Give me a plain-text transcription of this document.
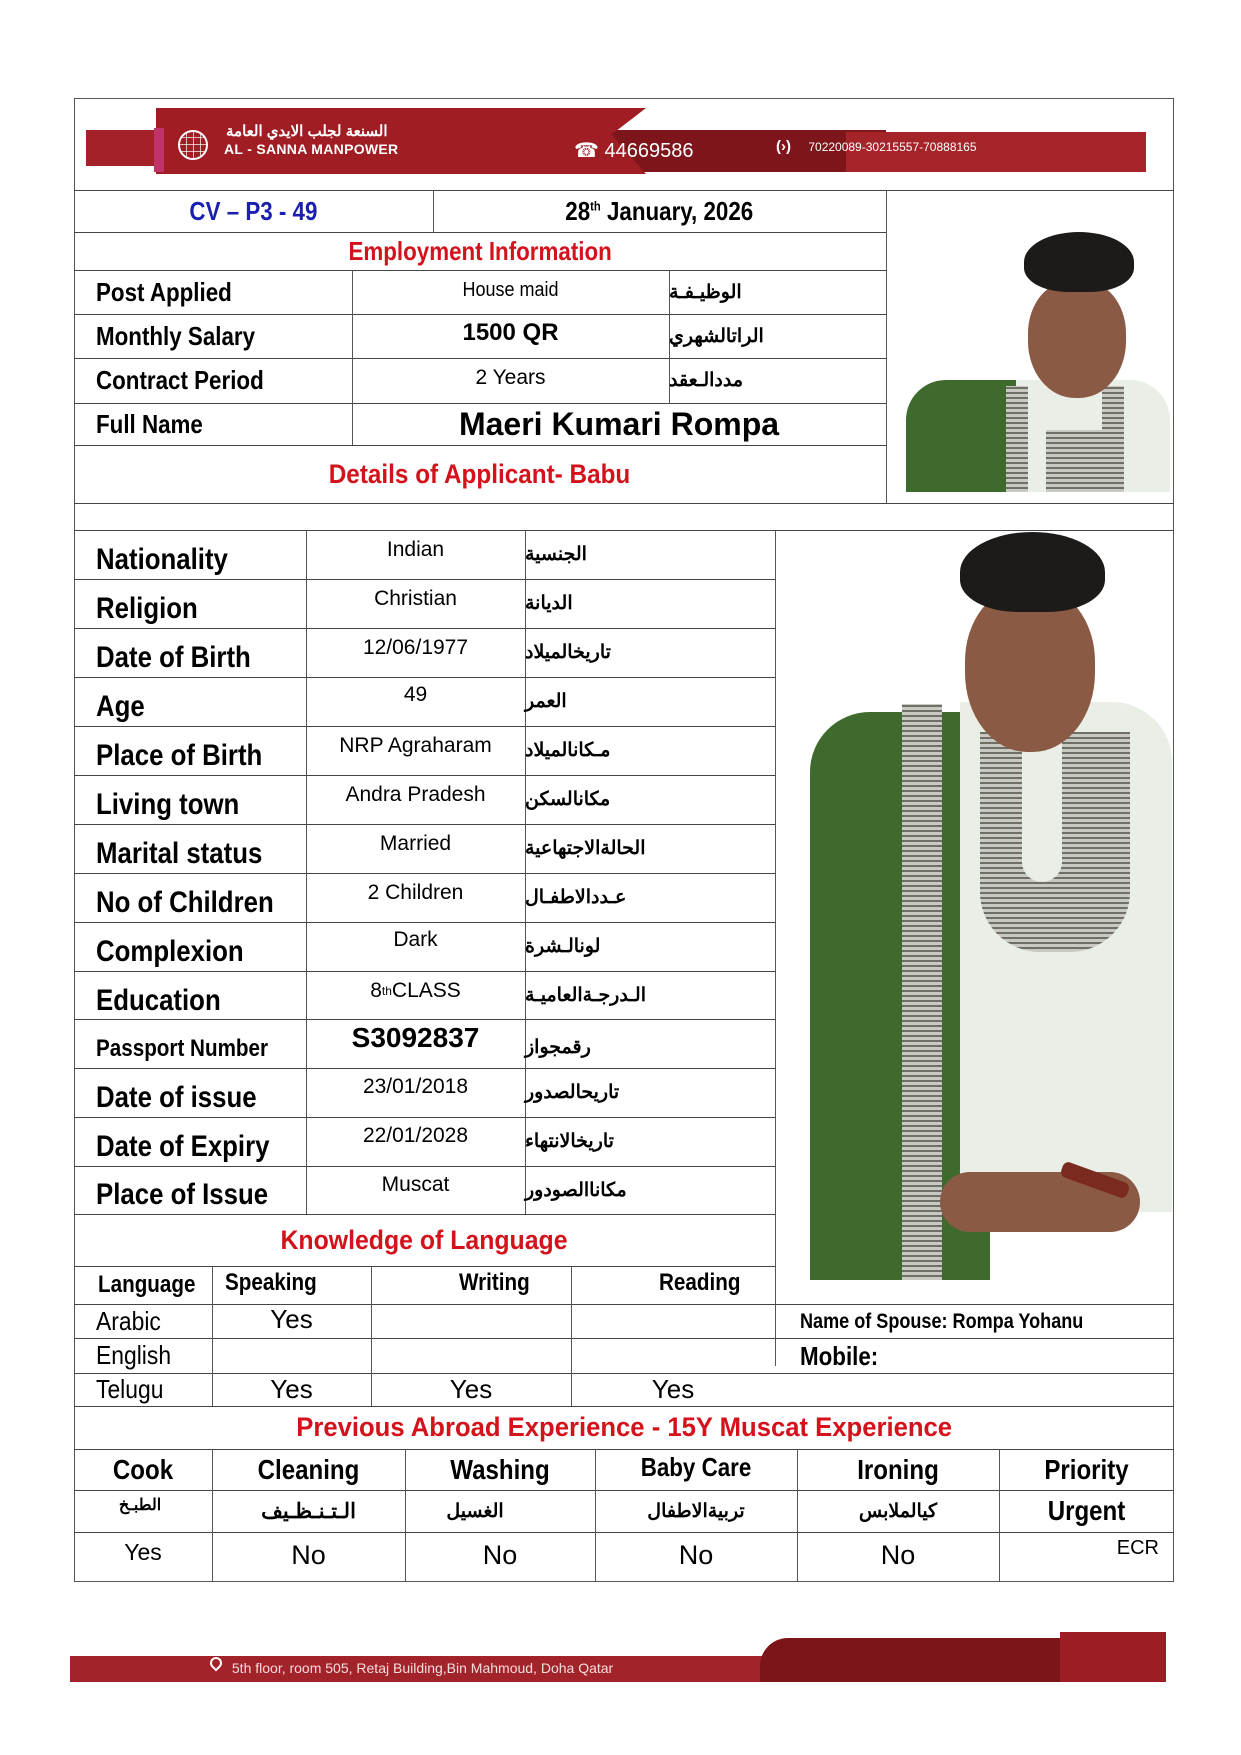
السنعة لجلب الايدي العامة
AL - SANNA MANPOWER	☎ 44669586	(›) 70220089-30215557-70888165
CV – P3 - 49	28th January, 2026
Employment Information
Post Applied	House maid	الوظيـفـة
Monthly Salary	1500 QR	الراتالشهري
Contract Period	2 Years	مددالـعقد
Full Name	Maeri Kumari Rompa
Details of Applicant- Babu
Nationality	Indian	الجنسية
Religion	Christian	الديانة
Date of Birth	12/06/1977	تاريخالميلاد
Age	49	العمر
Place of Birth	NRP Agraharam	مـكانالميلاد
Living town	Andra Pradesh	مكانالسكن
Marital status	Married	الحالةالاجتهاعية
No of Children	2 Children	عـددالاطفـال
Complexion	Dark	لونالـشرة
Education	8 th CLASS	الـدرجـةالعاميـة
Passport Number	S3092837	رقمجواز
Date of issue	23/01/2018	تاريحالصدور
Date of Expiry	22/01/2028	تاريخالانتهاء
Place of Issue	Muscat	مكاناالصودور
Knowledge of Language
Language Speaking	Writing	Reading
Arabic	Yes
English
Telugu	Yes	Yes	Yes
Name of Spouse: Rompa Yohanu
Mobile:
Previous Abroad Experience - 15Y Muscat Experience
Cook	Cleaning	Washing	Baby Care	Ironing	Priority
الطبـخ	الـتـنـظـيف	الغسيل	تربيةالاطفال	كيالملابس	Urgent
Yes	No	No	No	No	ECR
5th floor, room 505, Retaj Building,Bin Mahmoud, Doha Qatar
